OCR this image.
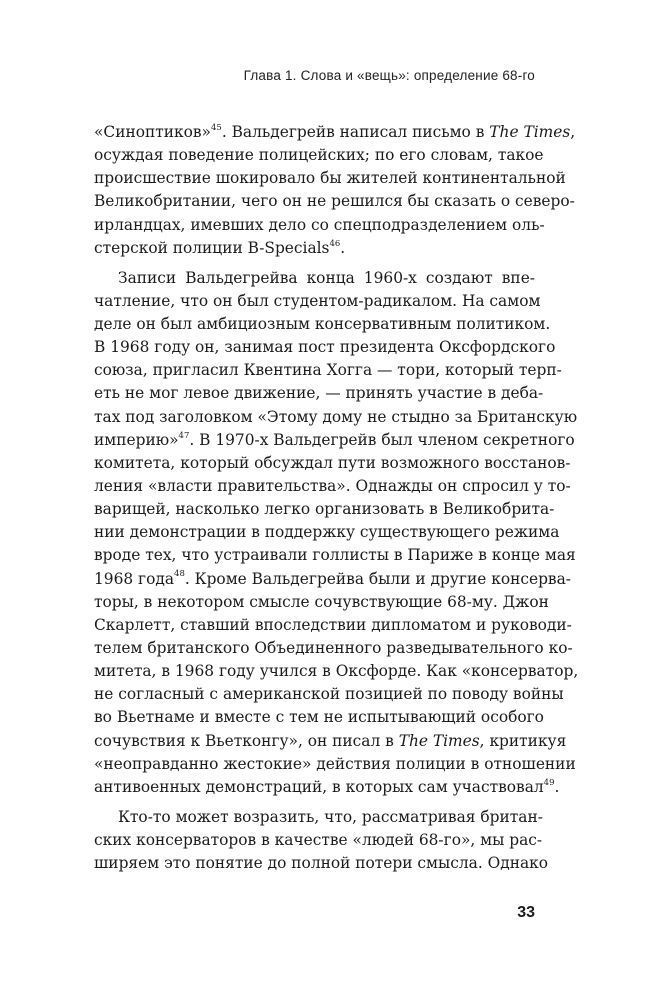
Глава 1. Слова и «вещь»: определение 68-го

«Синоптиков»$^{45}$. Вальдегрейв написал письмо в The Times,
осуждая поведение полицейских; по его словам, такое
происшествие шокировало бы жителей континентальной
Великобритании, чего он не решился бы сказать о северо-
ирландцах, имевших дело со спецподразделением оль-
стерской полиции B-Specials$^{46}$.

Записи Вальдегрейва конца 1960-х создают впе-
чатление, что он был студентом-радикалом. На самом
деле он был амбициозным консервативным политиком.
В 1968 году он, занимая пост президента Оксфордского
союза, пригласил Квентина Хогга — тори, который терп-
еть не мог левое движение, — принять участие в деба-
тах под заголовком «Этому дому не стыдно за Британскую
империю»$^{47}$. В 1970-х Вальдегрейв был членом секретного
комитета, который обсуждал пути возможного восстанов-
ления «власти правительства». Однажды он спросил у то-
варищей, насколько легко организовать в Великобрита-
нии демонстрации в поддержку существующего режима
вроде тех, что устраивали голлисты в Париже в конце мая
1968 года$^{48}$. Кроме Вальдегрейва были и другие консерва-
торы, в некотором смысле сочувствующие 68-му. Джон
Скарлетт, ставший впоследствии дипломатом и руководи-
телем британского Объединенного разведывательного ко-
митета, в 1968 году учился в Оксфорде. Как «консерватор,
не согласный с американской позицией по поводу войны
во Вьетнаме и вместе с тем не испытывающий особого
сочувствия к Вьетконгу», он писал в The Times, критикуя
«неоправданно жестокие» действия полиции в отношении
антивоенных демонстраций, в которых сам участвовал$^{49}$.

Кто-то может возразить, что, рассматривая британ-
ских консерваторов в качестве «людей 68-го», мы рас-
ширяем это понятие до полной потери смысла. Однако

33
